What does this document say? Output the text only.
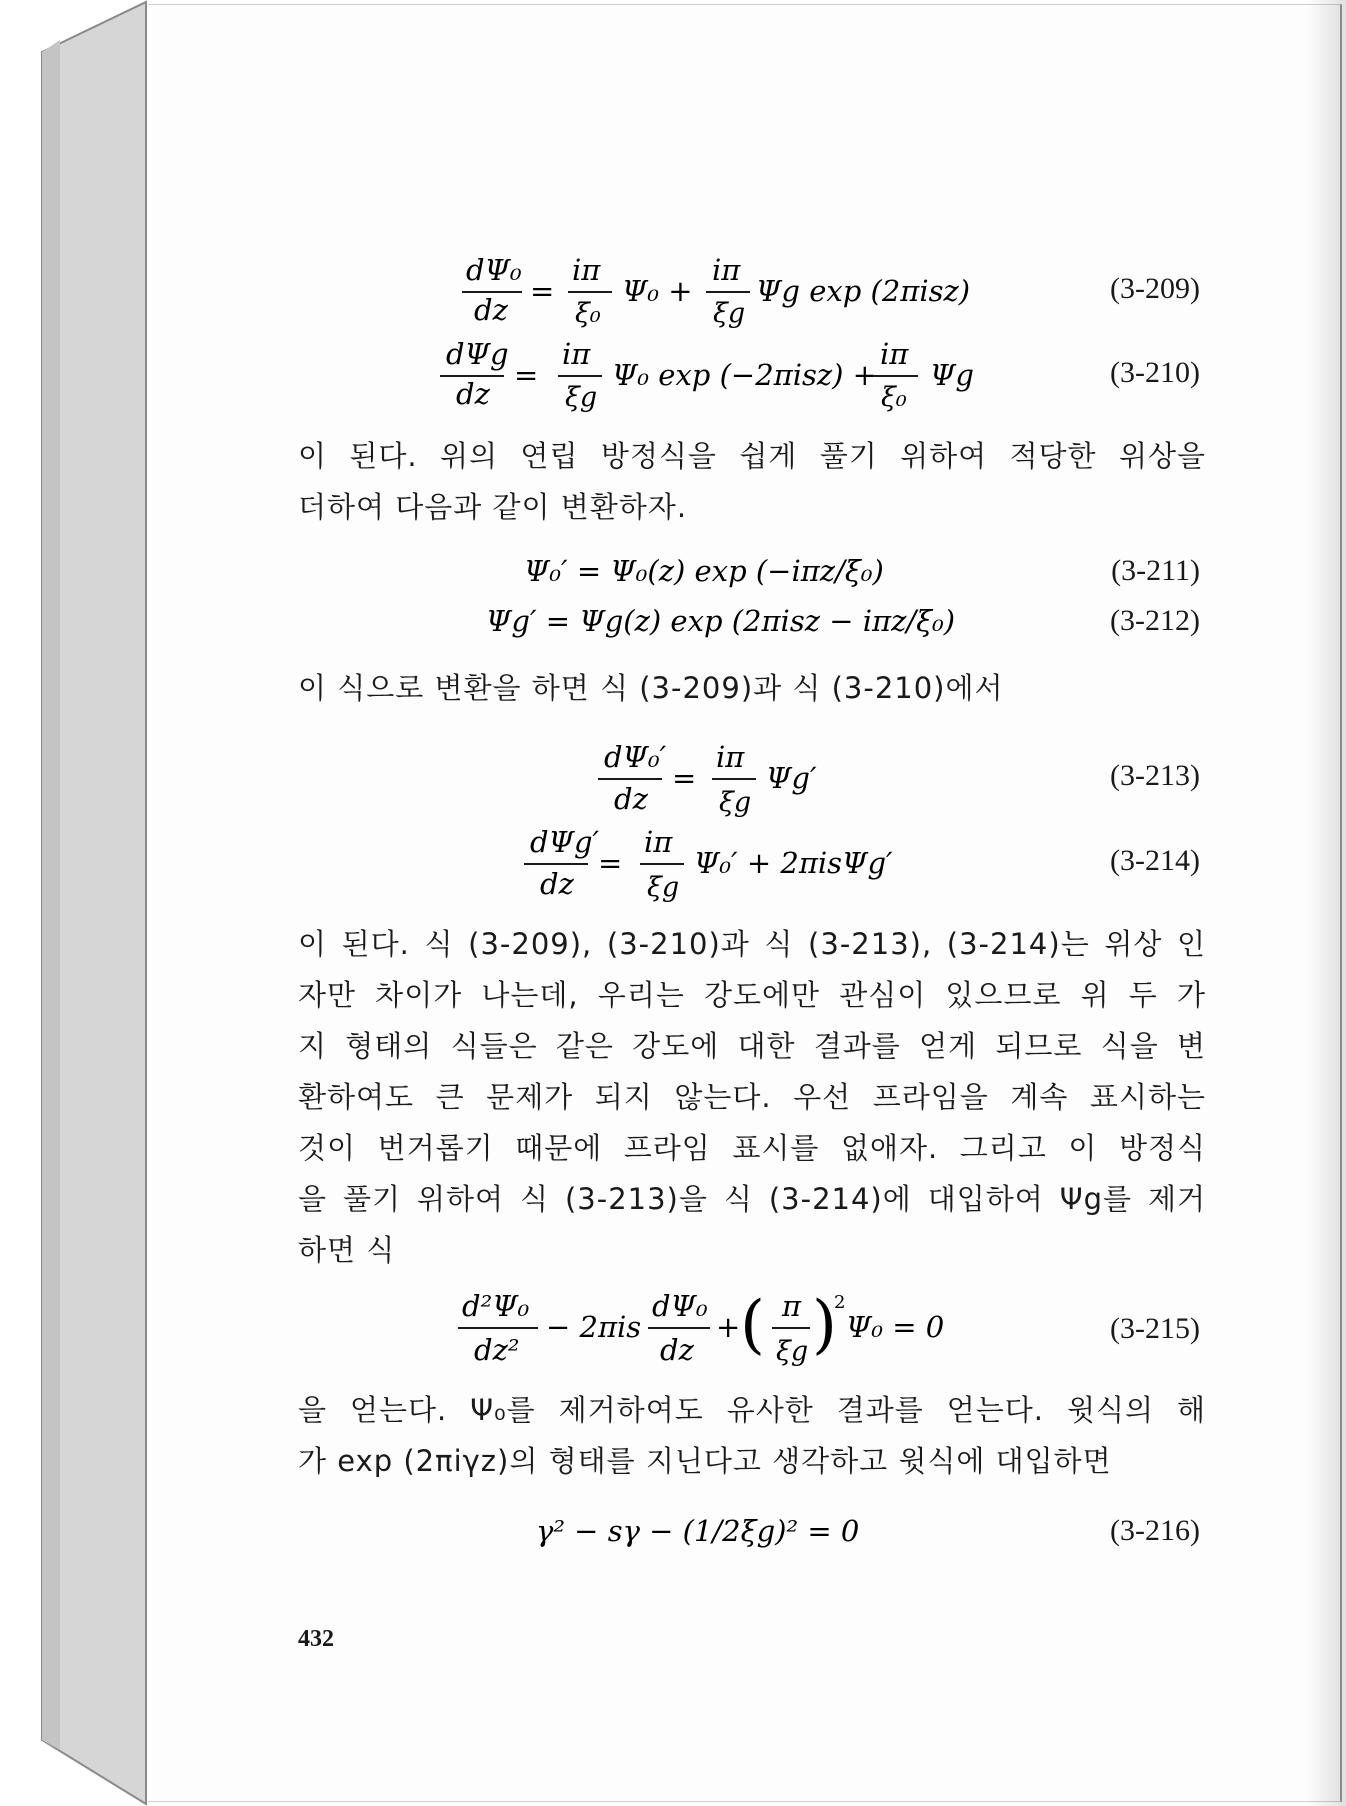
dΨ₀
dz
=
iπ
ξ₀
Ψ₀ +
iπ
ξg
Ψg exp (2πisz)	(3-209)
dΨg
dz
=
iπ
ξg
Ψ₀ exp (−2πisz) +
iπ
ξ₀
Ψg	(3-210)
이 된다. 위의 연립 방정식을 쉽게 풀기 위하여 적당한 위상을
더하여 다음과 같이 변환하자.
Ψ₀′ = Ψ₀(z) exp (−iπz/ξ₀)	(3-211)
Ψg′ = Ψg(z) exp (2πisz − iπz/ξ₀)	(3-212)
이 식으로 변환을 하면 식 (3-209)과 식 (3-210)에서
dΨ₀′
dz
=
iπ
ξg
Ψg′	(3-213)
dΨg′
dz
=
iπ
ξg
Ψ₀′ + 2πisΨg′	(3-214)
이 된다. 식 (3-209), (3-210)과 식 (3-213), (3-214)는 위상 인
자만 차이가 나는데, 우리는 강도에만 관심이 있으므로 위 두 가
지 형태의 식들은 같은 강도에 대한 결과를 얻게 되므로 식을 변
환하여도 큰 문제가 되지 않는다. 우선 프라임을 계속 표시하는
것이 번거롭기 때문에 프라임 표시를 없애자. 그리고 이 방정식
을 풀기 위하여 식 (3-213)을 식 (3-214)에 대입하여 Ψg를 제거
하면 식
d²Ψ₀
dz²
− 2πis
dΨ₀
dz
+ ( π
ξg )
2
Ψ₀ = 0	(3-215)
을 얻는다. Ψ₀를 제거하여도 유사한 결과를 얻는다. 윗식의 해
가 exp (2πiγz)의 형태를 지닌다고 생각하고 윗식에 대입하면
γ² − sγ − (1/2ξg)² = 0	(3-216)
432
